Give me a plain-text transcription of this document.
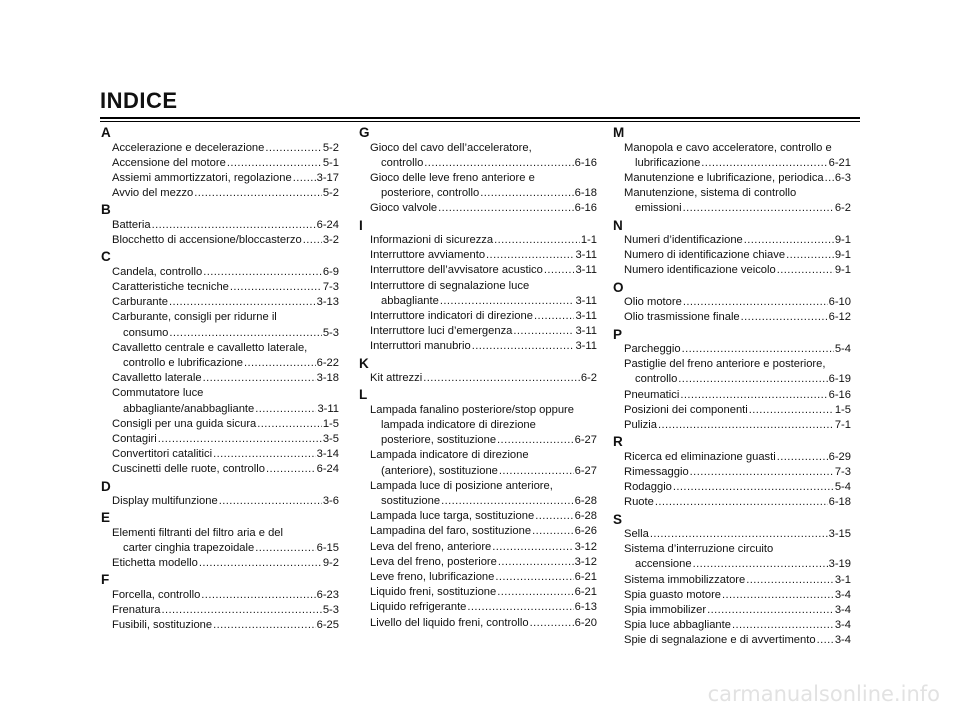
INDICE
A
Accelerazione e decelerazione .....	5-2
Accensione del motore .....	5-1
Assiemi ammortizzatori, regolazione ..... 3-17
Avvio del mezzo .....	5-2
B
Batteria .....	6-24
Blocchetto di accensione/bloccasterzo ..... 3-2
C
Candela, controllo .....	6-9
Caratteristiche tecniche .....	7-3
Carburante .....	3-13
Carburante, consigli per ridurne il
consumo .....	5-3
Cavalletto centrale e cavalletto laterale,
controllo e lubrificazione .....	6-22
Cavalletto laterale .....	3-18
Commutatore luce
abbagliante/anabbagliante .....	3-11
Consigli per una guida sicura .....	1-5
Contagiri .....	3-5
Convertitori catalitici .....	3-14
Cuscinetti delle ruote, controllo .....	6-24
D
Display multifunzione .....	3-6
E
Elementi filtranti del filtro aria e del
carter cinghia trapezoidale .....	6-15
Etichetta modello .....	9-2
F
Forcella, controllo .....	6-23
Frenatura .....	5-3
Fusibili, sostituzione .....	6-25
G
Gioco del cavo dell’acceleratore,
controllo .....	6-16
Gioco delle leve freno anteriore e
posteriore, controllo .....	6-18
Gioco valvole .....	6-16
I
Informazioni di sicurezza .....	1-1
Interruttore avviamento .....	3-11
Interruttore dell’avvisatore acustico .....	3-11
Interruttore di segnalazione luce
abbagliante .....	3-11
Interruttore indicatori di direzione .....	3-11
Interruttore luci d’emergenza .....	3-11
Interruttori manubrio .....	3-11
K
Kit attrezzi .....	6-2
L
Lampada fanalino posteriore/stop oppure
lampada indicatore di direzione
posteriore, sostituzione .....	6-27
Lampada indicatore di direzione
(anteriore), sostituzione .....	6-27
Lampada luce di posizione anteriore,
sostituzione .....	6-28
Lampada luce targa, sostituzione .....	6-28
Lampadina del faro, sostituzione .....	6-26
Leva del freno, anteriore .....	3-12
Leva del freno, posteriore .....	3-12
Leve freno, lubrificazione .....	6-21
Liquido freni, sostituzione .....	6-21
Liquido refrigerante .....	6-13
Livello del liquido freni, controllo .....	6-20
M
Manopola e cavo acceleratore, controllo e
lubrificazione .....	6-21
Manutenzione e lubrificazione, periodica ..... 6-3
Manutenzione, sistema di controllo
emissioni .....	6-2
N
Numeri d’identificazione .....	9-1
Numero di identificazione chiave .....	9-1
Numero identificazione veicolo .....	9-1
O
Olio motore .....	6-10
Olio trasmissione finale .....	6-12
P
Parcheggio .....	5-4
Pastiglie del freno anteriore e posteriore,
controllo .....	6-19
Pneumatici .....	6-16
Posizioni dei componenti .....	1-5
Pulizia .....	7-1
R
Ricerca ed eliminazione guasti .....	6-29
Rimessaggio .....	7-3
Rodaggio .....	5-4
Ruote .....	6-18
S
Sella .....	3-15
Sistema d’interruzione circuito
accensione .....	3-19
Sistema immobilizzatore .....	3-1
Spia guasto motore .....	3-4
Spia immobilizer .....	3-4
Spia luce abbagliante .....	3-4
Spie di segnalazione e di avvertimento ..... 3-4
carmanualsonline.info
